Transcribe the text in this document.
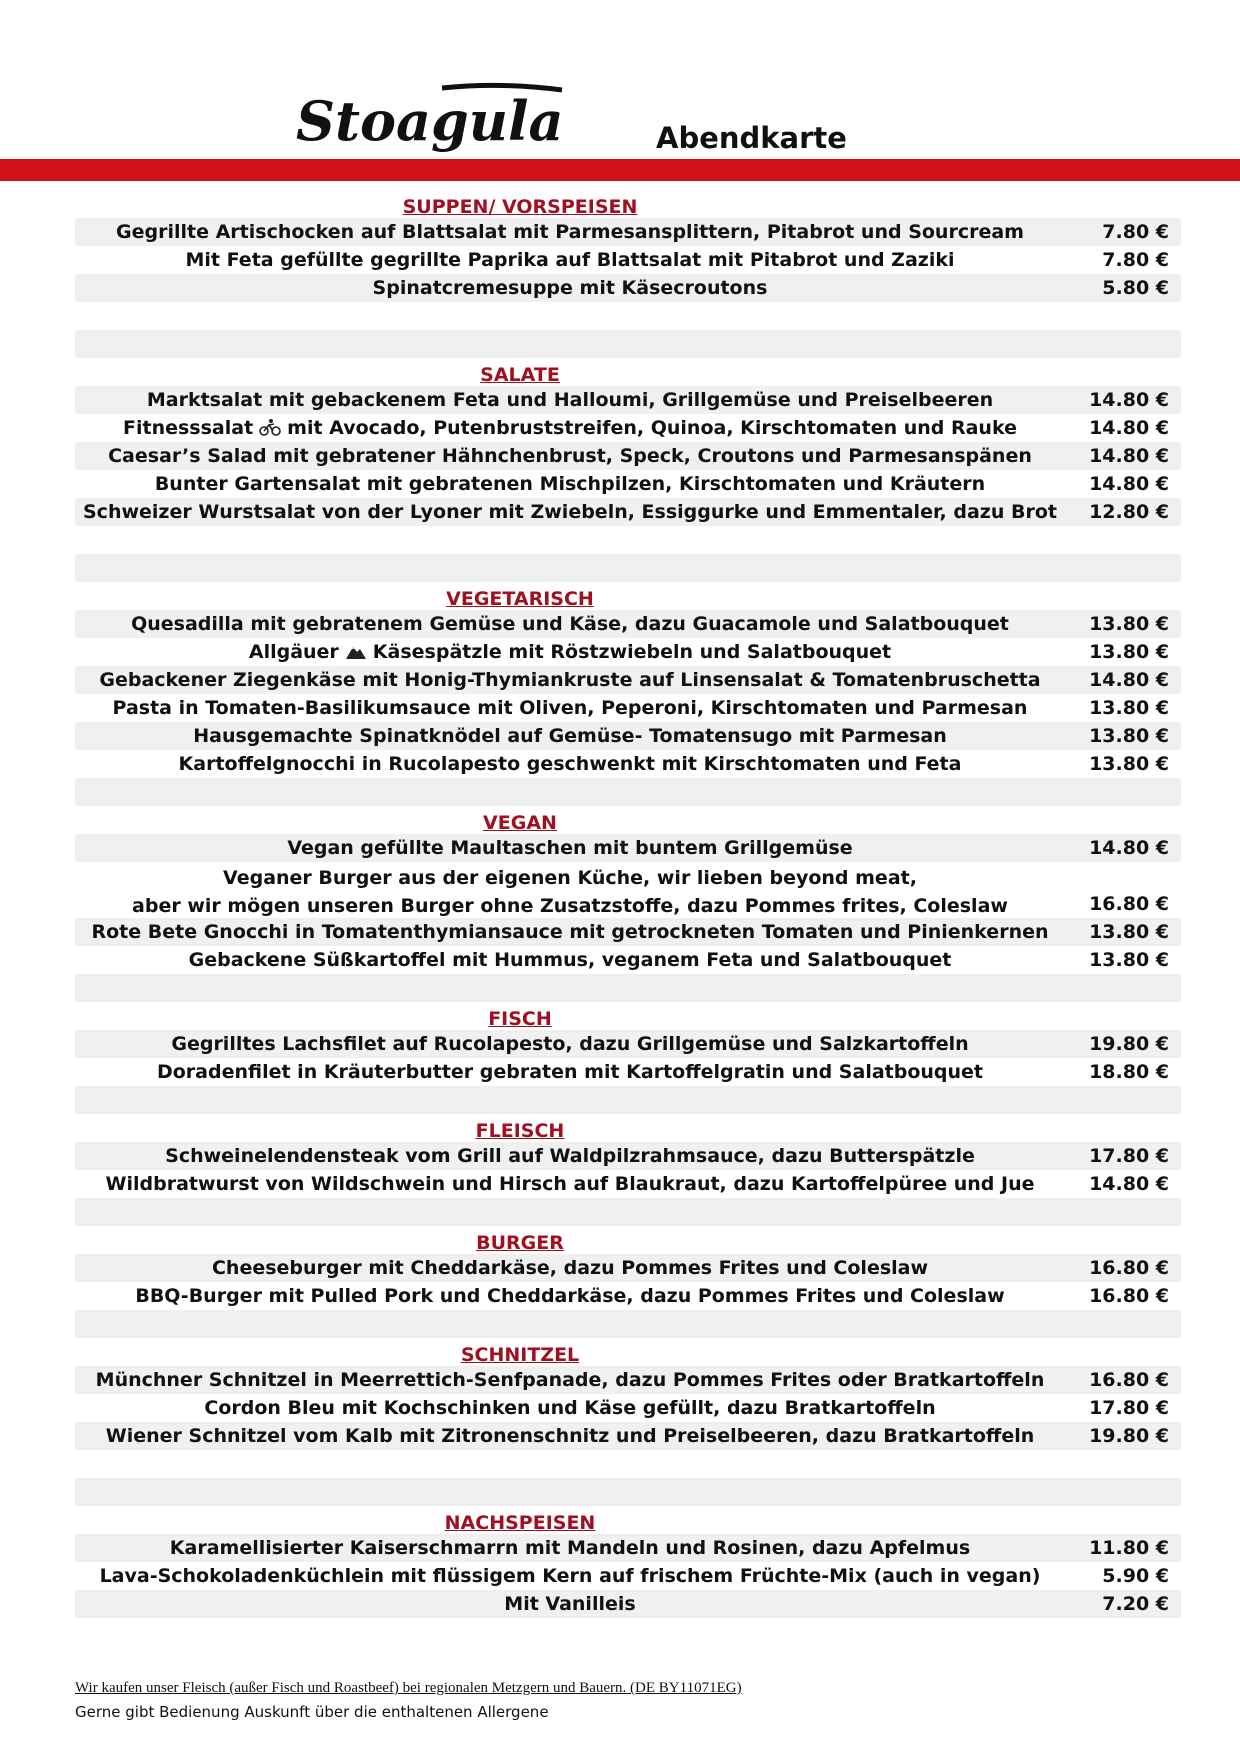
Stoagula	Abendkarte
SUPPEN/ VORSPEISEN
Gegrillte Artischocken auf Blattsalat mit Parmesansplittern, Pitabrot und Sourcream	7.80 €
Mit Feta gefüllte gegrillte Paprika auf Blattsalat mit Pitabrot und Zaziki	7.80 €
Spinatcremesuppe mit Käsecroutons	5.80 €
SALATE
Marktsalat mit gebackenem Feta und Halloumi, Grillgemüse und Preiselbeeren	14.80 €
Fitnesssalat mit Avocado, Putenbruststreifen, Quinoa, Kirschtomaten und Rauke	14.80 €
Caesar’s Salad mit gebratener Hähnchenbrust, Speck, Croutons und Parmesanspänen	14.80 €
Bunter Gartensalat mit gebratenen Mischpilzen, Kirschtomaten und Kräutern	14.80 €
Schweizer Wurstsalat von der Lyoner mit Zwiebeln, Essiggurke und Emmentaler, dazu Brot	12.80 €
VEGETARISCH
Quesadilla mit gebratenem Gemüse und Käse, dazu Guacamole und Salatbouquet	13.80 €
Allgäuer Käsespätzle mit Röstzwiebeln und Salatbouquet	13.80 €
Gebackener Ziegenkäse mit Honig-Thymiankruste auf Linsensalat & Tomatenbruschetta	14.80 €
Pasta in Tomaten-Basilikumsauce mit Oliven, Peperoni, Kirschtomaten und Parmesan	13.80 €
Hausgemachte Spinatknödel auf Gemüse- Tomatensugo mit Parmesan	13.80 €
Kartoffelgnocchi in Rucolapesto geschwenkt mit Kirschtomaten und Feta	13.80 €
VEGAN
Vegan gefüllte Maultaschen mit buntem Grillgemüse	14.80 €
Veganer Burger aus der eigenen Küche, wir lieben beyond meat,
aber wir mögen unseren Burger ohne Zusatzstoffe, dazu Pommes frites, Coleslaw	16.80 €
Rote Bete Gnocchi in Tomatenthymiansauce mit getrockneten Tomaten und Pinienkernen	13.80 €
Gebackene Süßkartoffel mit Hummus, veganem Feta und Salatbouquet	13.80 €
FISCH
Gegrilltes Lachsfilet auf Rucolapesto, dazu Grillgemüse und Salzkartoffeln	19.80 €
Doradenfilet in Kräuterbutter gebraten mit Kartoffelgratin und Salatbouquet	18.80 €
FLEISCH
Schweinelendensteak vom Grill auf Waldpilzrahmsauce, dazu Butterspätzle	17.80 €
Wildbratwurst von Wildschwein und Hirsch auf Blaukraut, dazu Kartoffelpüree und Jue	14.80 €
BURGER
Cheeseburger mit Cheddarkäse, dazu Pommes Frites und Coleslaw	16.80 €
BBQ-Burger mit Pulled Pork und Cheddarkäse, dazu Pommes Frites und Coleslaw	16.80 €
SCHNITZEL
Münchner Schnitzel in Meerrettich-Senfpanade, dazu Pommes Frites oder Bratkartoffeln	16.80 €
Cordon Bleu mit Kochschinken und Käse gefüllt, dazu Bratkartoffeln	17.80 €
Wiener Schnitzel vom Kalb mit Zitronenschnitz und Preiselbeeren, dazu Bratkartoffeln	19.80 €
NACHSPEISEN
Karamellisierter Kaiserschmarrn mit Mandeln und Rosinen, dazu Apfelmus	11.80 €
Lava-Schokoladenküchlein mit flüssigem Kern auf frischem Früchte-Mix (auch in vegan)	5.90 €
Mit Vanilleis	7.20 €
Wir kaufen unser Fleisch (außer Fisch und Roastbeef) bei regionalen Metzgern und Bauern. (DE BY11071EG)
Gerne gibt Bedienung Auskunft über die enthaltenen Allergene
